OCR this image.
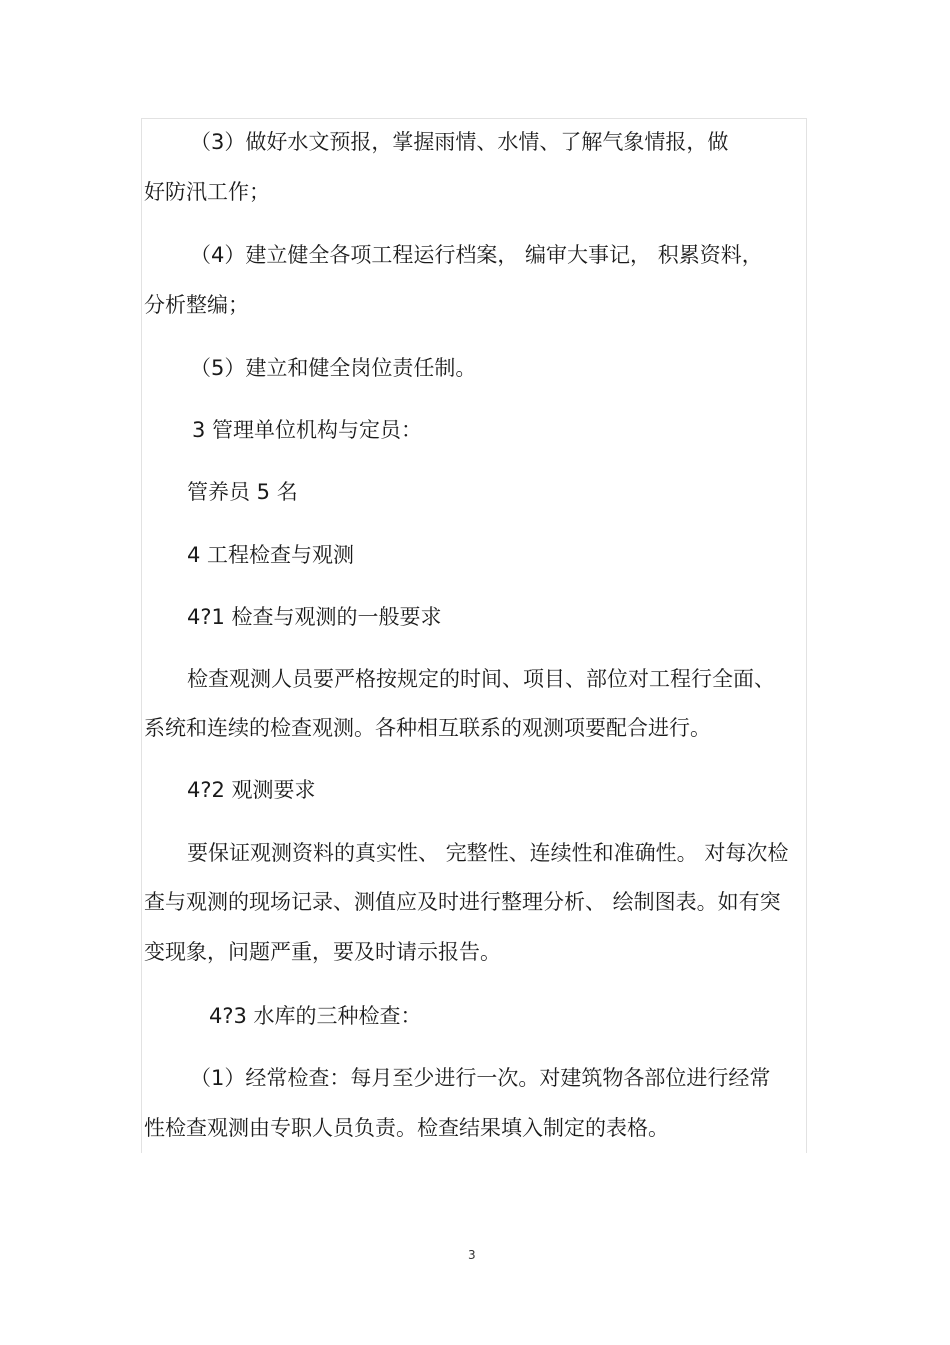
（3）做好水文预报，掌握雨情、水情、了解气象情报，做
好防汛工作；
（4）建立健全各项工程运行档案， 编审大事记， 积累资料，
分析整编；
（5）建立和健全岗位责任制。
3 管理单位机构与定员：
管养员 5 名
4 工程检查与观测
4?1 检查与观测的一般要求
检查观测人员要严格按规定的时间、项目、部位对工程行全面、
系统和连续的检查观测。各种相互联系的观测项要配合进行。
4?2 观测要求
要保证观测资料的真实性、 完整性、连续性和准确性。 对每次检
查与观测的现场记录、测值应及时进行整理分析、 绘制图表。如有突
变现象，问题严重，要及时请示报告。
4?3 水库的三种检查：
（1）经常检查：每月至少进行一次。对建筑物各部位进行经常
性检查观测由专职人员负责。检查结果填入制定的表格。
3
